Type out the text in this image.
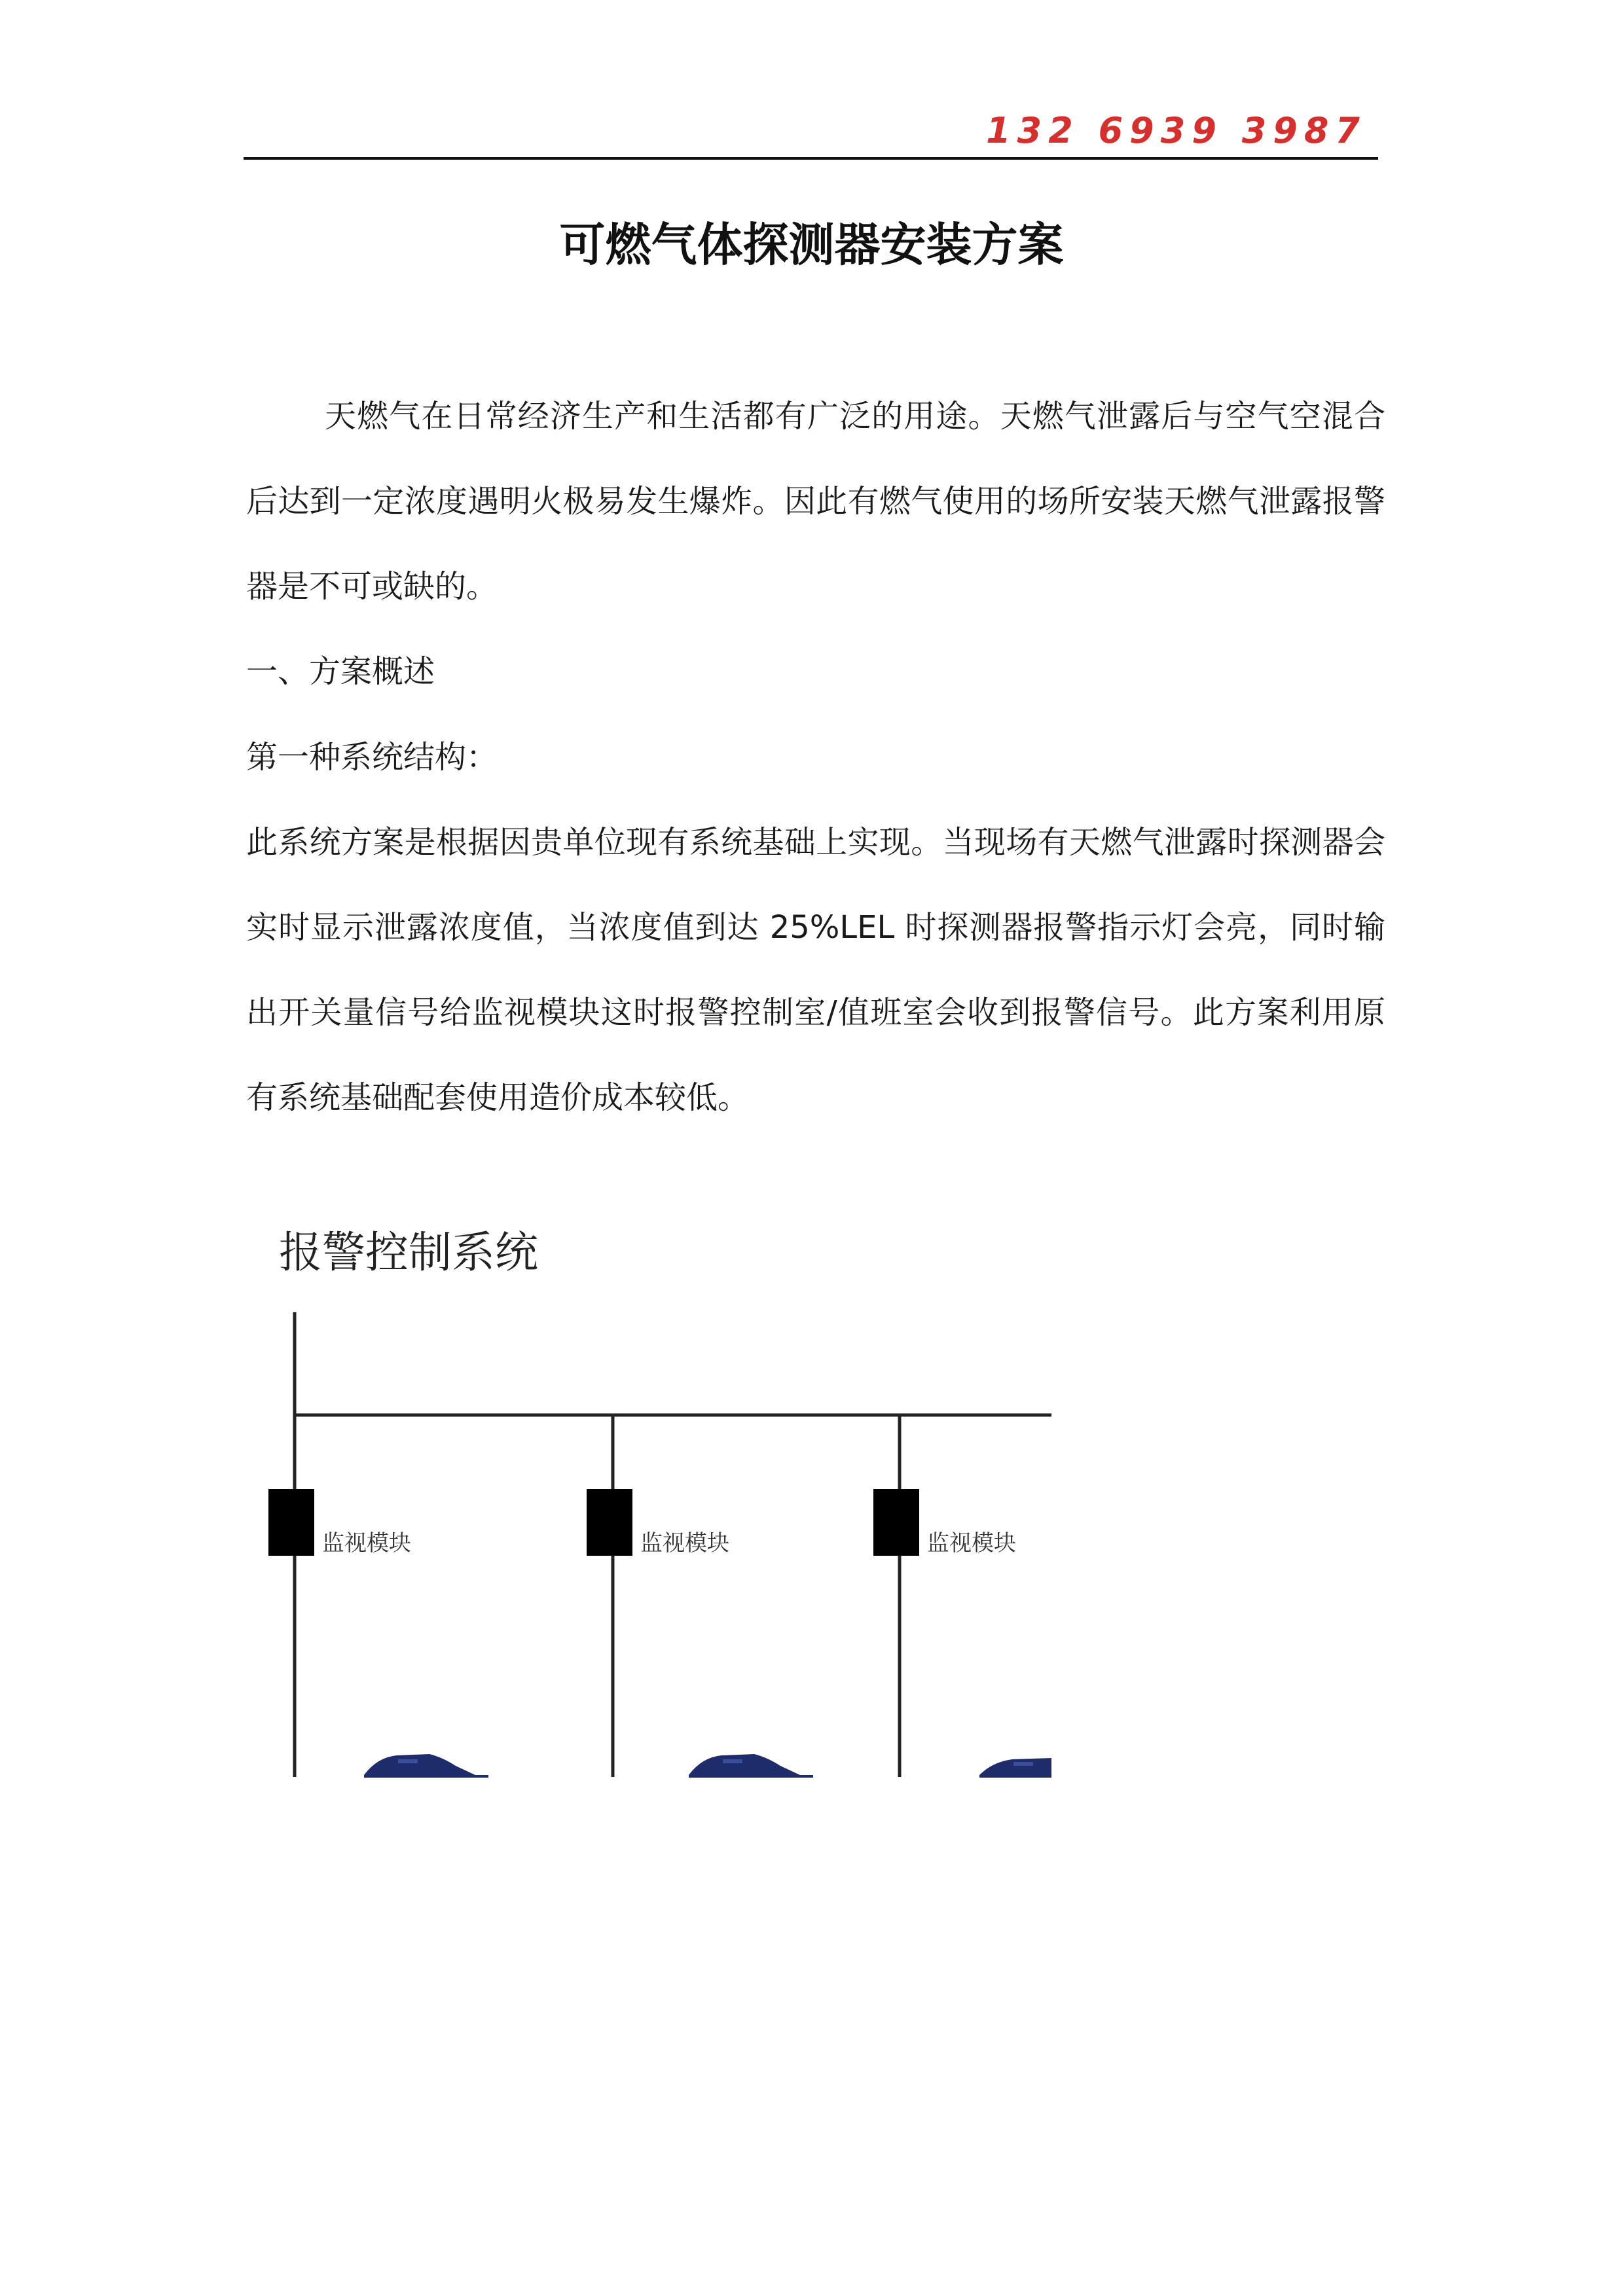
132 6939 3987
可燃气体探测器安装方案

天燃气在日常经济生产和生活都有广泛的用途。天燃气泄露后与空气空混合后达到一定浓度遇明火极易发生爆炸。因此有燃气使用的场所安装天燃气泄露报警器是不可或缺的。

一、方案概述

第一种系统结构：

此系统方案是根据因贵单位现有系统基础上实现。当现场有天燃气泄露时探测器会实时显示泄露浓度值，当浓度值到达 25%LEL 时探测器报警指示灯会亮，同时输出开关量信号给监视模块这时报警控制室/值班室会收到报警信号。此方案利用原有系统基础配套使用造价成本较低。

报警控制系统
监视模块	监视模块	监视模块
